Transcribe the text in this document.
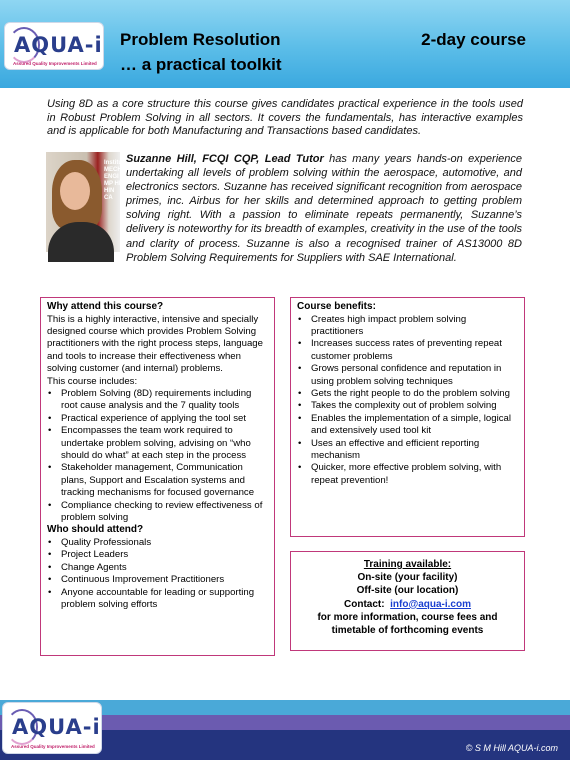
AQUA-i
Assured Quality Improvements Limited
Problem Resolution
… a practical toolkit
2-day course

Using 8D as a core structure this course gives candidates practical experience in the tools used in Robust Problem Solving in all sectors. It covers the fundamentals, has interactive examples and is applicable for both Manufacturing and Transactions based candidates.

Institut MECH ENGI MP HE HIN CA

Suzanne Hill, FCQI CQP, Lead Tutor has many years hands-on experience undertaking all levels of problem solving within the aerospace, automotive, and electronics sectors. Suzanne has received significant recognition from aerospace primes, inc. Airbus for her skills and determined approach to getting problem solving right. With a passion to eliminate repeats permanently, Suzanne’s delivery is noteworthy for its breadth of examples, creativity in the use of the tools and clarity of process. Suzanne is also a recognised trainer of AS13000 8D Problem Solving Requirements for Suppliers with SAE International.

Why attend this course?

This is a highly interactive, intensive and specially designed course which provides Problem Solving practitioners with the right process steps, language and tools to increase their effectiveness when solving customer (and internal) problems.

This course includes:

• Problem Solving (8D) requirements including root cause analysis and the 7 quality tools
• Practical experience of applying the tool set
• Encompasses the team work required to undertake problem solving, advising on “who should do what” at each step in the process
• Stakeholder management, Communication plans, Support and Escalation systems and tracking mechanisms for focused governance
• Compliance checking to review effectiveness of problem solving
Who should attend?
• Quality Professionals
• Project Leaders
• Change Agents
• Continuous Improvement Practitioners
• Anyone accountable for leading or supporting problem solving efforts
Course benefits:
• Creates high impact problem solving practitioners
• Increases success rates of preventing repeat customer problems
• Grows personal confidence and reputation in using problem solving techniques
• Gets the right people to do the problem solving
• Takes the complexity out of problem solving
• Enables the implementation of a simple, logical and extensively used tool kit
• Uses an effective and efficient reporting mechanism
• Quicker, more effective problem solving, with repeat prevention!
Training available:
On-site (your facility)
Off-site (our location)
Contact: info@aqua-i.com
for more information, course fees and timetable of forthcoming events
AQUA-i
Assured Quality Improvements Limited	© S M Hill AQUA-i.com
